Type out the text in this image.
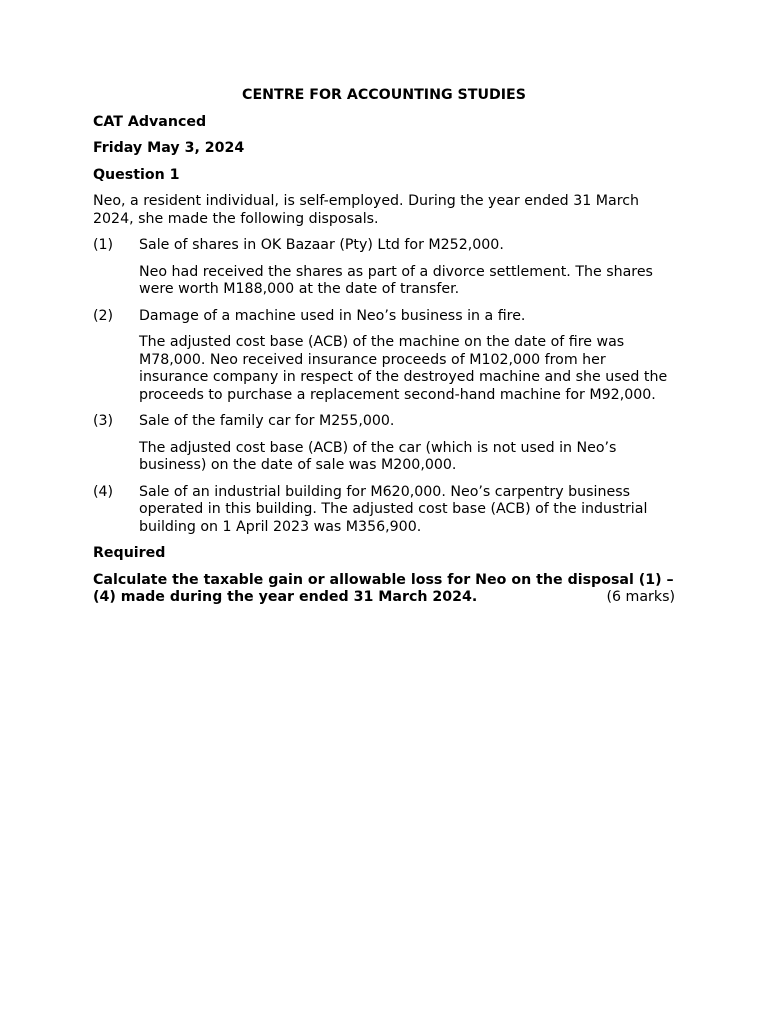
CENTRE FOR ACCOUNTING STUDIES
CAT Advanced
Friday May 3, 2024
Question 1
Neo, a resident individual, is self-employed. During the year ended 31 March 2024, she made the following disposals.
(1)	Sale of shares in OK Bazaar (Pty) Ltd for M252,000.
Neo had received the shares as part of a divorce settlement. The shares were worth M188,000 at the date of transfer.
(2)	Damage of a machine used in Neo’s business in a fire.
The adjusted cost base (ACB) of the machine on the date of fire was M78,000. Neo received insurance proceeds of M102,000 from her insurance company in respect of the destroyed machine and she used the proceeds to purchase a replacement second-hand machine for M92,000.
(3)	Sale of the family car for M255,000.
The adjusted cost base (ACB) of the car (which is not used in Neo’s business) on the date of sale was M200,000.
(4)	Sale of an industrial building for M620,000. Neo’s carpentry business operated in this building. The adjusted cost base (ACB) of the industrial building on 1 April 2023 was M356,900.
Required
Calculate the taxable gain or allowable loss for Neo on the disposal (1) –
(4) made during the year ended 31 March 2024.	(6 marks)
